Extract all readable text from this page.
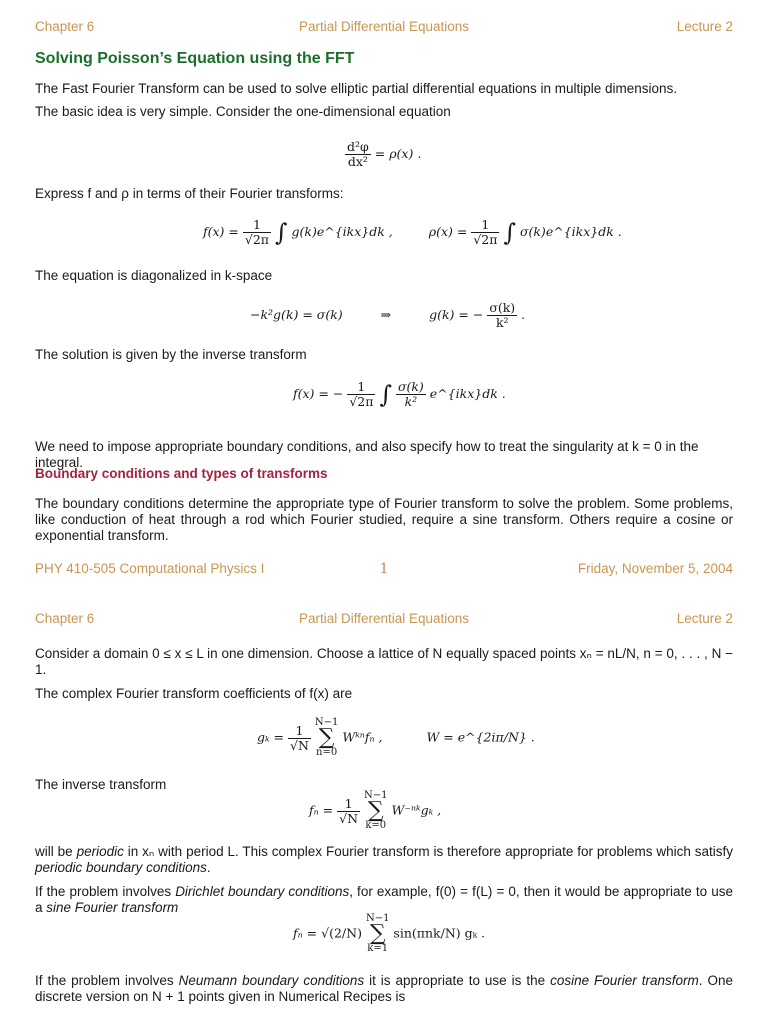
Chapter 6	Partial Differential Equations	Lecture 2
Solving Poisson’s Equation using the FFT
The Fast Fourier Transform can be used to solve elliptic partial differential equations in multiple dimensions.
The basic idea is very simple. Consider the one-dimensional equation
$\frac{\text{d²φ}}{\text{dx²}} = \rho(x)$ .
Express f and ρ in terms of their Fourier transforms:
$f(x) = \frac{1}{√2\pi}$ ∫ g(k)e^{ikx}dk ,	$\rho(x) = \frac{1}{√2\pi}$ ∫ σ(k)e^{ikx}dk .
The equation is diagonalized in k-space
−k²g(k) = σ(k)	⇒	g(k) = − $\frac{\sigma(k)}{\text{k²}}$ .
The solution is given by the inverse transform
f(x) = − $\frac{1}{√2\pi}$ ∫ $\frac{\sigma(k)}{\text{k²}}$ e^{ikx}dk .
We need to impose appropriate boundary conditions, and also specify how to treat the singularity at k = 0 in the integral.
Boundary conditions and types of transforms
The boundary conditions determine the appropriate type of Fourier transform to solve the problem. Some problems, like conduction of heat through a rod which Fourier studied, require a sine transform. Others require a cosine or exponential transform.
PHY 410-505 Computational Physics I	1	Friday, November 5, 2004
Chapter 6	Partial Differential Equations	Lecture 2
Consider a domain 0 ≤ x ≤ L in one dimension. Choose a lattice of N equally spaced points xₙ = nL/N, n = 0, . . . , N − 1.
The complex Fourier transform coefficients of f(x) are
$g_k = \frac{1}{√N}$
N−1
∑
n=0 Wᵏⁿfₙ ,	W = e^{2iπ/N} .
The inverse transform
$f_n = \frac{1}{√N}$
N−1
∑
k=0 W⁻ⁿᵏgₖ ,
will be periodic in xₙ with period L. This complex Fourier transform is therefore appropriate for problems which satisfy periodic boundary conditions.
If the problem involves Dirichlet boundary conditions, for example, f(0) = f(L) = 0, then it would be appropriate to use a sine Fourier transform
fₙ = √(2/N) N−1
∑
k=1 sin(πnk/N) gₖ .
If the problem involves Neumann boundary conditions it is appropriate to use is the cosine Fourier transform. One discrete version on N + 1 points given in Numerical Recipes is
